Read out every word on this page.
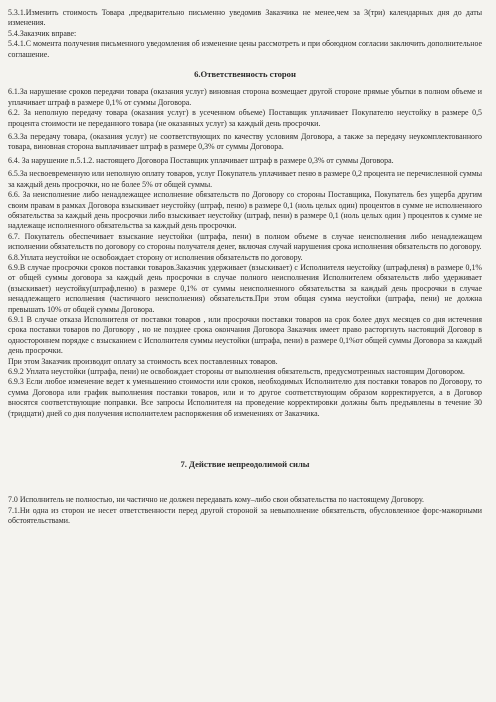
5.3.1.Изменить стоимость Товара ,предварительно письменно уведомив Заказчика не менее,чем за 3(три) календарных дня до даты изменения.

5.4.Заказчик вправе:

5.4.1.С момента получения письменного уведомления об изменение цены рассмотреть и при обоюдном согласии заключить дополнительное соглашение.

6.Ответственность сторон

6.1.За нарушение сроков передачи товара (оказания услуг) виновная сторона возмещает другой стороне прямые убытки в полном объеме и уплачивает штраф в размере 0,1% от суммы Договора.

6.2. За неполную передачу товара (оказания услуг) в усеченном объеме) Поставщик уплачивает Покупателю неустойку в размере 0,5 процента стоимости не переданного товара (не оказанных услуг) за каждый день просрочки.

6.3.За передачу товара, (оказания услуг) не соответствующих по качеству условиям Договора, а также за передачу неукомплектованного товара, виновная сторона выплачивает штраф в размере 0,3% от суммы Договора.

6.4. За нарушение п.5.1.2. настоящего Договора Поставщик уплачивает штраф в размере 0,3% от суммы Договора.

6.5.За несвоевременную или неполную оплату товаров, услуг Покупатель уплачивает пеню в размере 0,2 процента не перечисленной суммы за каждый день просрочки, но не более 5% от общей суммы.

6.6. За неисполнение либо ненадлежащее исполнение обязательств по Договору со стороны Поставщика, Покупатель без ущерба другим своим правам в рамках Договора взыскивает неустойку (штраф, пеню) в размере 0,1 (ноль целых один) процентов в сумме не исполненного обязательства за каждый день просрочки либо взыскивает неустойку (штраф, пени) в размере 0,1 (ноль целых один ) процентов к сумме не надлежаще исполненного обязательства за каждый день просрочки.

6.7. Покупатель обеспечивает взыскание неустойки (штрафа, пени) в полном объеме в случае неисполнения либо ненадлежащем исполнении обязательств по договору со стороны получателя денег, включая случай нарушения срока исполнения обязательств по договору.

6.8.Уплата неустойки не освобождает сторону от исполнения обязательств по договору.

6.9.В случае просрочки сроков поставки товаров.Заказчик удерживает (взыскивает) с Исполнителя неустойку (штраф,пеня) в размере 0,1% от общей суммы договора за каждый день просрочки в случае полного неисполнения Исполнителем обязательств либо удерживает (взыскивает) неустойку(штраф,пеню) в размере 0,1% от суммы неисполненного обязательства за каждый день просрочки в случае ненадлежащего исполнения (частичного неисполнения) обязательств.При этом общая сумма неустойки (штрафа, пени) не должна превышать 10% от общей суммы Договора.

6.9.1 В случае отказа Исполнителя от поставки товаров , или просрочки поставки товаров на срок более двух месяцев со дня истечения срока поставки товаров по Договору , но не позднее срока окончания Договора Заказчик имеет право расторгнуть настоящий Договор в одностороннем порядке с взысканием с Исполнителя суммы неустойки (штрафа, пени) в размере 0,1%от общей суммы Договора за каждый день просрочки.

При этом Заказчик производит оплату за стоимость всех поставленных товаров.

6.9.2 Уплата неустойки (штрафа, пени) не освобождает стороны от выполнения обязательств, предусмотренных настоящим Договором.

6.9.3 Если любое изменение ведет к уменьшению стоимости или сроков, необходимых Исполнителю для поставки товаров по Договору, то сумма Договора или график выполнения поставки товаров, или и то другое соответствующим образом корректируется, а в Договор вносятся соответствующие поправки. Все запросы Исполнителя на проведение корректировки должны быть предъявлены в течение 30 (тридцати) дней со дня получения исполнителем распоряжения об изменениях от Заказчика.

7. Действие непреодолимой силы

7.0 Исполнитель не полностью, ни частично не должен передавать кому–либо свои обязательства по настоящему Договору.

7.1.Ни одна из сторон не несет ответственности перед другой стороной за невыполнение обязательств, обусловленное форс-мажорными обстоятельствами.
